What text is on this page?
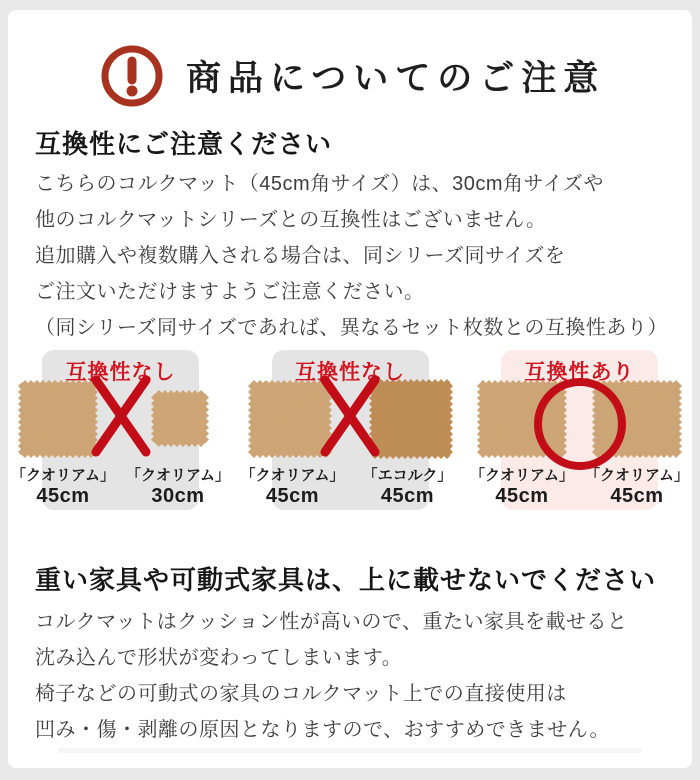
商品についてのご注意
互換性にご注意ください
こちらのコルクマット（45cm角サイズ）は、30cm角サイズや
他のコルクマットシリーズとの互換性はございません。
追加購入や複数購入される場合は、同シリーズ同サイズを
ご注文いただけますようご注意ください。
（同シリーズ同サイズであれば、異なるセット枚数との互換性あり）
互換性なし
「クオリアム」
45cm
「クオリアム」
30cm
互換性なし
「クオリアム」
45cm
「エコルク」
45cm
互換性あり
「クオリアム」
45cm
「クオリアム」
45cm
重い家具や可動式家具は、上に載せないでください
コルクマットはクッション性が高いので、重たい家具を載せると
沈み込んで形状が変わってしまいます。
椅子などの可動式の家具のコルクマット上での直接使用は
凹み・傷・剥離の原因となりますので、おすすめできません。
